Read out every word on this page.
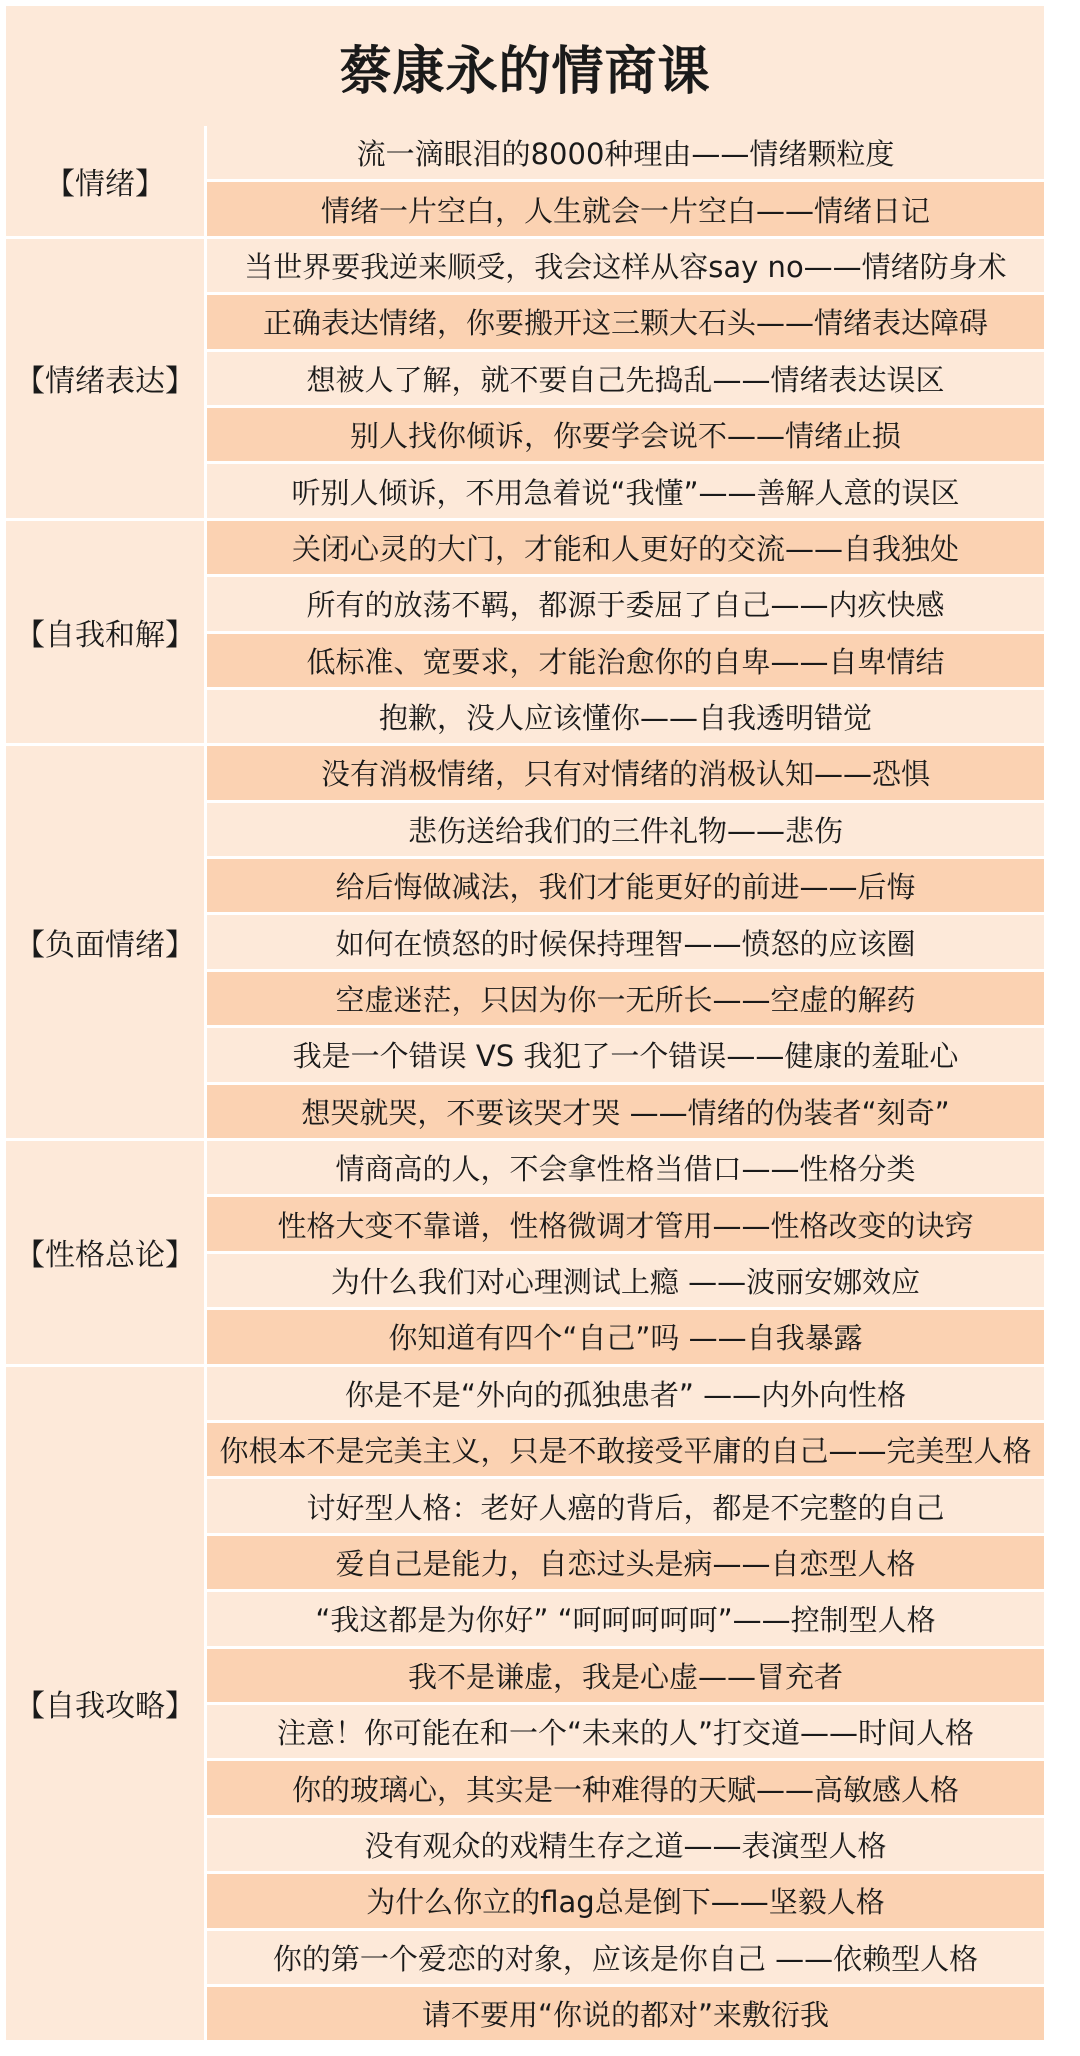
蔡康永的情商课
【情绪】
流一滴眼泪的8000种理由——情绪颗粒度
情绪一片空白，人生就会一片空白——情绪日记
【情绪表达】
当世界要我逆来顺受，我会这样从容say no——情绪防身术
正确表达情绪，你要搬开这三颗大石头——情绪表达障碍
想被人了解，就不要自己先捣乱——情绪表达误区
别人找你倾诉，你要学会说不——情绪止损
听别人倾诉，不用急着说“我懂”——善解人意的误区
【自我和解】
关闭心灵的大门，才能和人更好的交流——自我独处
所有的放荡不羁，都源于委屈了自己——内疚快感
低标准、宽要求，才能治愈你的自卑——自卑情结
抱歉，没人应该懂你——自我透明错觉
【负面情绪】
没有消极情绪，只有对情绪的消极认知——恐惧
悲伤送给我们的三件礼物——悲伤
给后悔做减法，我们才能更好的前进——后悔
如何在愤怒的时候保持理智——愤怒的应该圈
空虚迷茫，只因为你一无所长——空虚的解药
我是一个错误 VS 我犯了一个错误——健康的羞耻心
想哭就哭，不要该哭才哭 ——情绪的伪装者“刻奇”
【性格总论】
情商高的人，不会拿性格当借口——性格分类
性格大变不靠谱，性格微调才管用——性格改变的诀窍
为什么我们对心理测试上瘾 ——波丽安娜效应
你知道有四个“自己”吗 ——自我暴露
【自我攻略】
你是不是“外向的孤独患者” ——内外向性格
你根本不是完美主义，只是不敢接受平庸的自己——完美型人格
讨好型人格：老好人癌的背后，都是不完整的自己
爱自己是能力，自恋过头是病——自恋型人格
“我这都是为你好” “呵呵呵呵呵”——控制型人格
我不是谦虚，我是心虚——冒充者
注意！你可能在和一个“未来的人”打交道——时间人格
你的玻璃心，其实是一种难得的天赋——高敏感人格
没有观众的戏精生存之道——表演型人格
为什么你立的flag总是倒下——坚毅人格
你的第一个爱恋的对象，应该是你自己 ——依赖型人格
请不要用“你说的都对”来敷衍我
